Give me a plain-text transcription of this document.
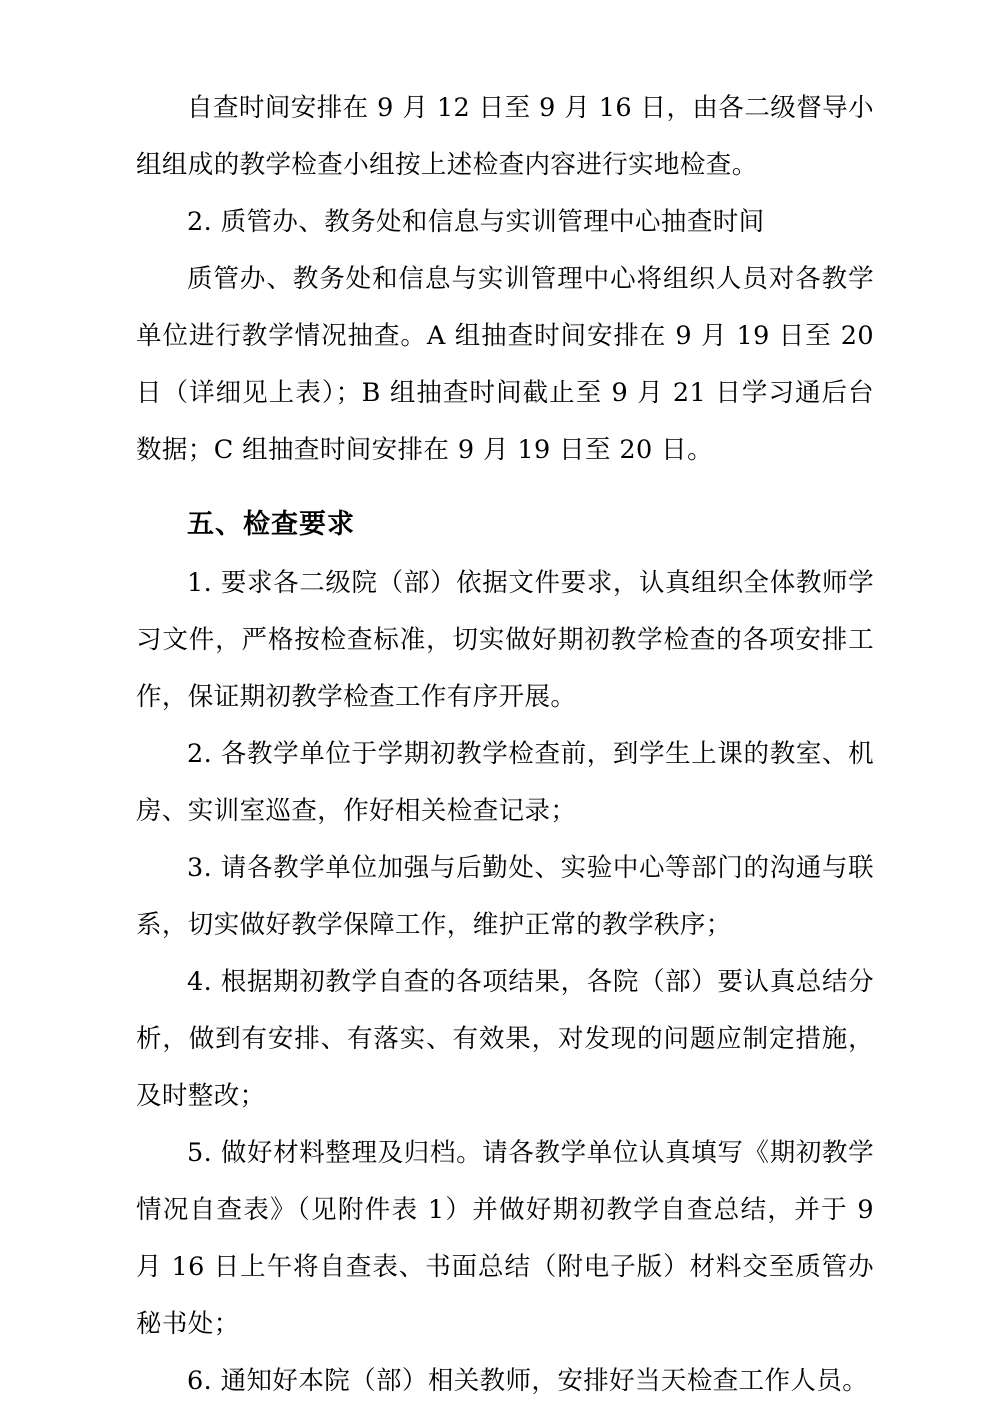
自查时间安排在 9 月 12 日至 9 月 16 日，由各二级督导小组组成的教学检查小组按上述检查内容进行实地检查。

2. 质管办、教务处和信息与实训管理中心抽查时间

质管办、教务处和信息与实训管理中心将组织人员对各教学单位进行教学情况抽查。A 组抽查时间安排在 9 月 19 日至 20 日（详细见上表）；B 组抽查时间截止至 9 月 21 日学习通后台数据；C 组抽查时间安排在 9 月 19 日至 20 日。

五、检查要求

1. 要求各二级院（部）依据文件要求，认真组织全体教师学习文件，严格按检查标准，切实做好期初教学检查的各项安排工作，保证期初教学检查工作有序开展。

2. 各教学单位于学期初教学检查前，到学生上课的教室、机房、实训室巡查，作好相关检查记录；

3. 请各教学单位加强与后勤处、实验中心等部门的沟通与联系，切实做好教学保障工作，维护正常的教学秩序；

4. 根据期初教学自查的各项结果，各院（部）要认真总结分析，做到有安排、有落实、有效果，对发现的问题应制定措施，及时整改；

5. 做好材料整理及归档。请各教学单位认真填写《期初教学情况自查表》（见附件表 1）并做好期初教学自查总结，并于 9 月 16 日上午将自查表、书面总结（附电子版）材料交至质管办秘书处；

6. 通知好本院（部）相关教师，安排好当天检查工作人员。
